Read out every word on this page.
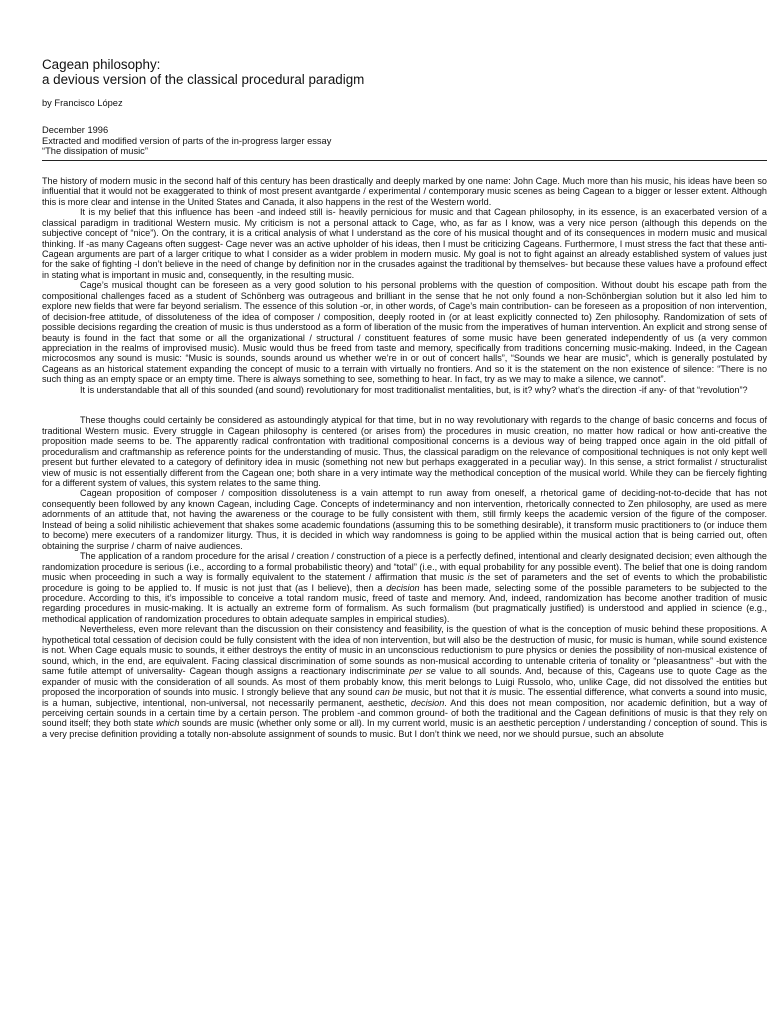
Cagean philosophy:
a devious version of the classical procedural paradigm
by Francisco López
December 1996
Extracted and modified version of parts of the in-progress larger essay
“The dissipation of music”

The history of modern music in the second half of this century has been drastically and deeply marked by one name: John Cage. Much more than his music, his ideas have been so influential that it would not be exaggerated to think of most present avantgarde / experimental / contemporary music scenes as being Cagean to a bigger or lesser extent. Although this is more clear and intense in the United States and Canada, it also happens in the rest of the Western world.

It is my belief that this influence has been -and indeed still is- heavily pernicious for music and that Cagean philosophy, in its essence, is an exacerbated version of a classical paradigm in traditional Western music. My criticism is not a personal attack to Cage, who, as far as I know, was a very nice person (although this depends on the subjective concept of “nice”). On the contrary, it is a critical analysis of what I understand as the core of his musical thought and of its consequences in modern music and musical thinking. If -as many Cageans often suggest- Cage never was an active upholder of his ideas, then I must be criticizing Cageans. Furthermore, I must stress the fact that these anti-Cagean arguments are part of a larger critique to what I consider as a wider problem in modern music. My goal is not to fight against an already established system of values just for the sake of fighting -I don’t believe in the need of change by definition nor in the crusades against the traditional by themselves- but because these values have a profound effect in stating what is important in music and, consequently, in the resulting music.

Cage’s musical thought can be foreseen as a very good solution to his personal problems with the question of composition. Without doubt his escape path from the compositional challenges faced as a student of Schönberg was outrageous and brilliant in the sense that he not only found a non-Schönbergian solution but it also led him to explore new fields that were far beyond serialism. The essence of this solution -or, in other words, of Cage’s main contribution- can be foreseen as a proposition of non intervention, of decision-free attitude, of dissoluteness of the idea of composer / composition, deeply rooted in (or at least explicitly connected to) Zen philosophy. Randomization of sets of possible decisions regarding the creation of music is thus understood as a form of liberation of the music from the imperatives of human intervention. An explicit and strong sense of beauty is found in the fact that some or all the organizational / structural / constituent features of some music have been generated independently of us (a very common appreciation in the realms of improvised music). Music would thus be freed from taste and memory, specifically from traditions concerning music-making. Indeed, in the Cagean microcosmos any sound is music: “Music is sounds, sounds around us whether we’re in or out of concert halls”, “Sounds we hear are music”, which is generally postulated by Cageans as an historical statement expanding the concept of music to a terrain with virtually no frontiers. And so it is the statement on the non existence of silence: “There is no such thing as an empty space or an empty time. There is always something to see, something to hear. In fact, try as we may to make a silence, we cannot”.

It is understandable that all of this sounded (and sound) revolutionary for most traditionalist mentalities, but, is it? why? what’s the direction -if any- of that “revolution”?

These thoughs could certainly be considered as astoundingly atypical for that time, but in no way revolutionary with regards to the change of basic concerns and focus of traditional Western music. Every struggle in Cagean philosophy is centered (or arises from) the procedures in music creation, no matter how radical or how anti-creative the proposition made seems to be. The apparently radical confrontation with traditional compositional concerns is a devious way of being trapped once again in the old pitfall of proceduralism and craftmanship as reference points for the understanding of music. Thus, the classical paradigm on the relevance of compositional techniques is not only kept well present but further elevated to a category of definitory idea in music (something not new but perhaps exaggerated in a peculiar way). In this sense, a strict formalist / structuralist view of music is not essentially different from the Cagean one; both share in a very intimate way the methodical conception of the musical world. While they can be fiercely fighting for a different system of values, this system relates to the same thing.

Cagean proposition of composer / composition dissoluteness is a vain attempt to run away from oneself, a rhetorical game of deciding-not-to-decide that has not consequently been followed by any known Cagean, including Cage. Concepts of indeterminancy and non intervention, rhetorically connected to Zen philosophy, are used as mere adornments of an attitude that, not having the awareness or the courage to be fully consistent with them, still firmly keeps the academic version of the figure of the composer. Instead of being a solid nihilistic achievement that shakes some academic foundations (assuming this to be something desirable), it transform music practitioners to (or induce them to become) mere executers of a randomizer liturgy. Thus, it is decided in which way randomness is going to be applied within the musical action that is being carried out, often obtaining the surprise / charm of naive audiences.

The application of a random procedure for the arisal / creation / construction of a piece is a perfectly defined, intentional and clearly designated decision; even although the randomization procedure is serious (i.e., according to a formal probabilistic theory) and “total” (i.e., with equal probability for any possible event). The belief that one is doing random music when proceeding in such a way is formally equivalent to the statement / affirmation that music is the set of parameters and the set of events to which the probabilistic procedure is going to be applied to. If music is not just that (as I believe), then a decision has been made, selecting some of the possible parameters to be subjected to the procedure. According to this, it’s impossible to conceive a total random music, freed of taste and memory. And, indeed, randomization has become another tradition of music regarding procedures in music-making. It is actually an extreme form of formalism. As such formalism (but pragmatically justified) is understood and applied in science (e.g., methodical application of randomization procedures to obtain adequate samples in empirical studies).

Nevertheless, even more relevant than the discussion on their consistency and feasibility, is the question of what is the conception of music behind these propositions. A hypothetical total cessation of decision could be fully consistent with the idea of non intervention, but will also be the destruction of music, for music is human, while sound existence is not. When Cage equals music to sounds, it either destroys the entity of music in an unconscious reductionism to pure physics or denies the possibility of non-musical existence of sound, which, in the end, are equivalent. Facing classical discrimination of some sounds as non-musical according to untenable criteria of tonality or “pleasantness” -but with the same futile attempt of universality- Cagean though assigns a reactionary indiscriminate per se value to all sounds. And, because of this, Cageans use to quote Cage as the expander of music with the consideration of all sounds. As most of them probably know, this merit belongs to Luigi Russolo, who, unlike Cage, did not dissolved the entities but proposed the incorporation of sounds into music. I strongly believe that any sound can be music, but not that it is music. The essential difference, what converts a sound into music, is a human, subjective, intentional, non-universal, not necessarily permanent, aesthetic, decision. And this does not mean composition, nor academic definition, but a way of perceiving certain sounds in a certain time by a certain person. The problem -and common ground- of both the traditional and the Cagean definitions of music is that they rely on sound itself; they both state which sounds are music (whether only some or all). In my current world, music is an aesthetic perception / understanding / conception of sound. This is a very precise definition providing a totally non-absolute assignment of sounds to music. But I don’t think we need, nor we should pursue, such an absolute
